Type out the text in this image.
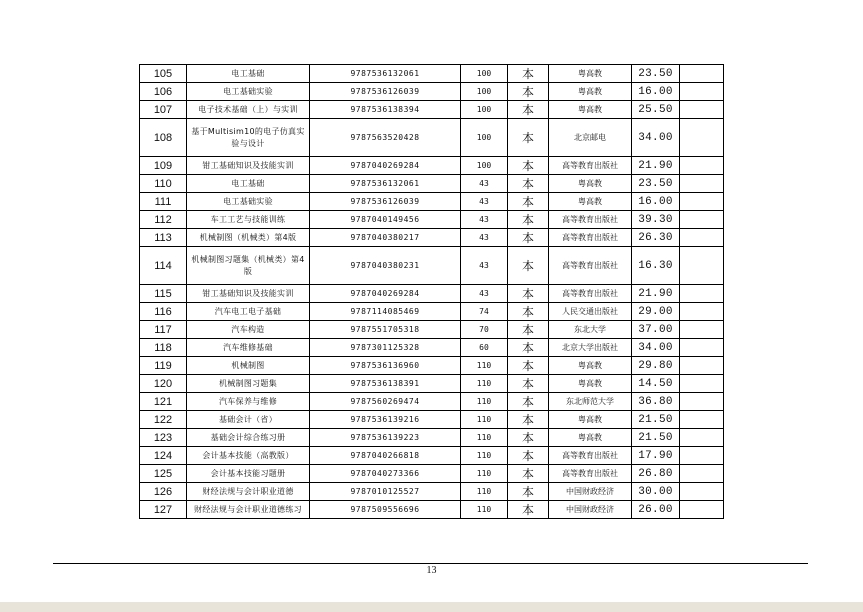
105	电工基础	9787536132061	100	本	粤高教	23.50	
106	电工基础实验	9787536126039	100	本	粤高教	16.00	
107	电子技术基础（上）与实训	9787536138394	100	本	粤高教	25.50	
108	基于Multisim10的电子仿真实验与设计	9787563520428	100	本	北京邮电	34.00	
109	钳工基础知识及技能实训	9787040269284	100	本	高等教育出版社	21.90	
110	电工基础	9787536132061	43	本	粤高教	23.50	
111	电工基础实验	9787536126039	43	本	粤高教	16.00	
112	车工工艺与技能训练	9787040149456	43	本	高等教育出版社	39.30	
113	机械制图（机械类）第4版	9787040380217	43	本	高等教育出版社	26.30	
114	机械制图习题集（机械类）第4版	9787040380231	43	本	高等教育出版社	16.30	
115	钳工基础知识及技能实训	9787040269284	43	本	高等教育出版社	21.90	
116	汽车电工电子基础	9787114085469	74	本	人民交通出版社	29.00	
117	汽车构造	9787551705318	70	本	东北大学	37.00	
118	汽车维修基础	9787301125328	60	本	北京大学出版社	34.00	
119	机械制图	9787536136960	110	本	粤高教	29.80	
120	机械制图习题集	9787536138391	110	本	粤高教	14.50	
121	汽车保养与维修	9787560269474	110	本	东北师范大学	36.80	
122	基础会计（省）	9787536139216	110	本	粤高教	21.50	
123	基础会计综合练习册	9787536139223	110	本	粤高教	21.50	
124	会计基本技能（高教版）	9787040266818	110	本	高等教育出版社	17.90	
125	会计基本技能习题册	9787040273366	110	本	高等教育出版社	26.80	
126	财经法规与会计职业道德	9787010125527	110	本	中国财政经济	30.00	
127	财经法规与会计职业道德练习	9787509556696	110	本	中国财政经济	26.00	
13
